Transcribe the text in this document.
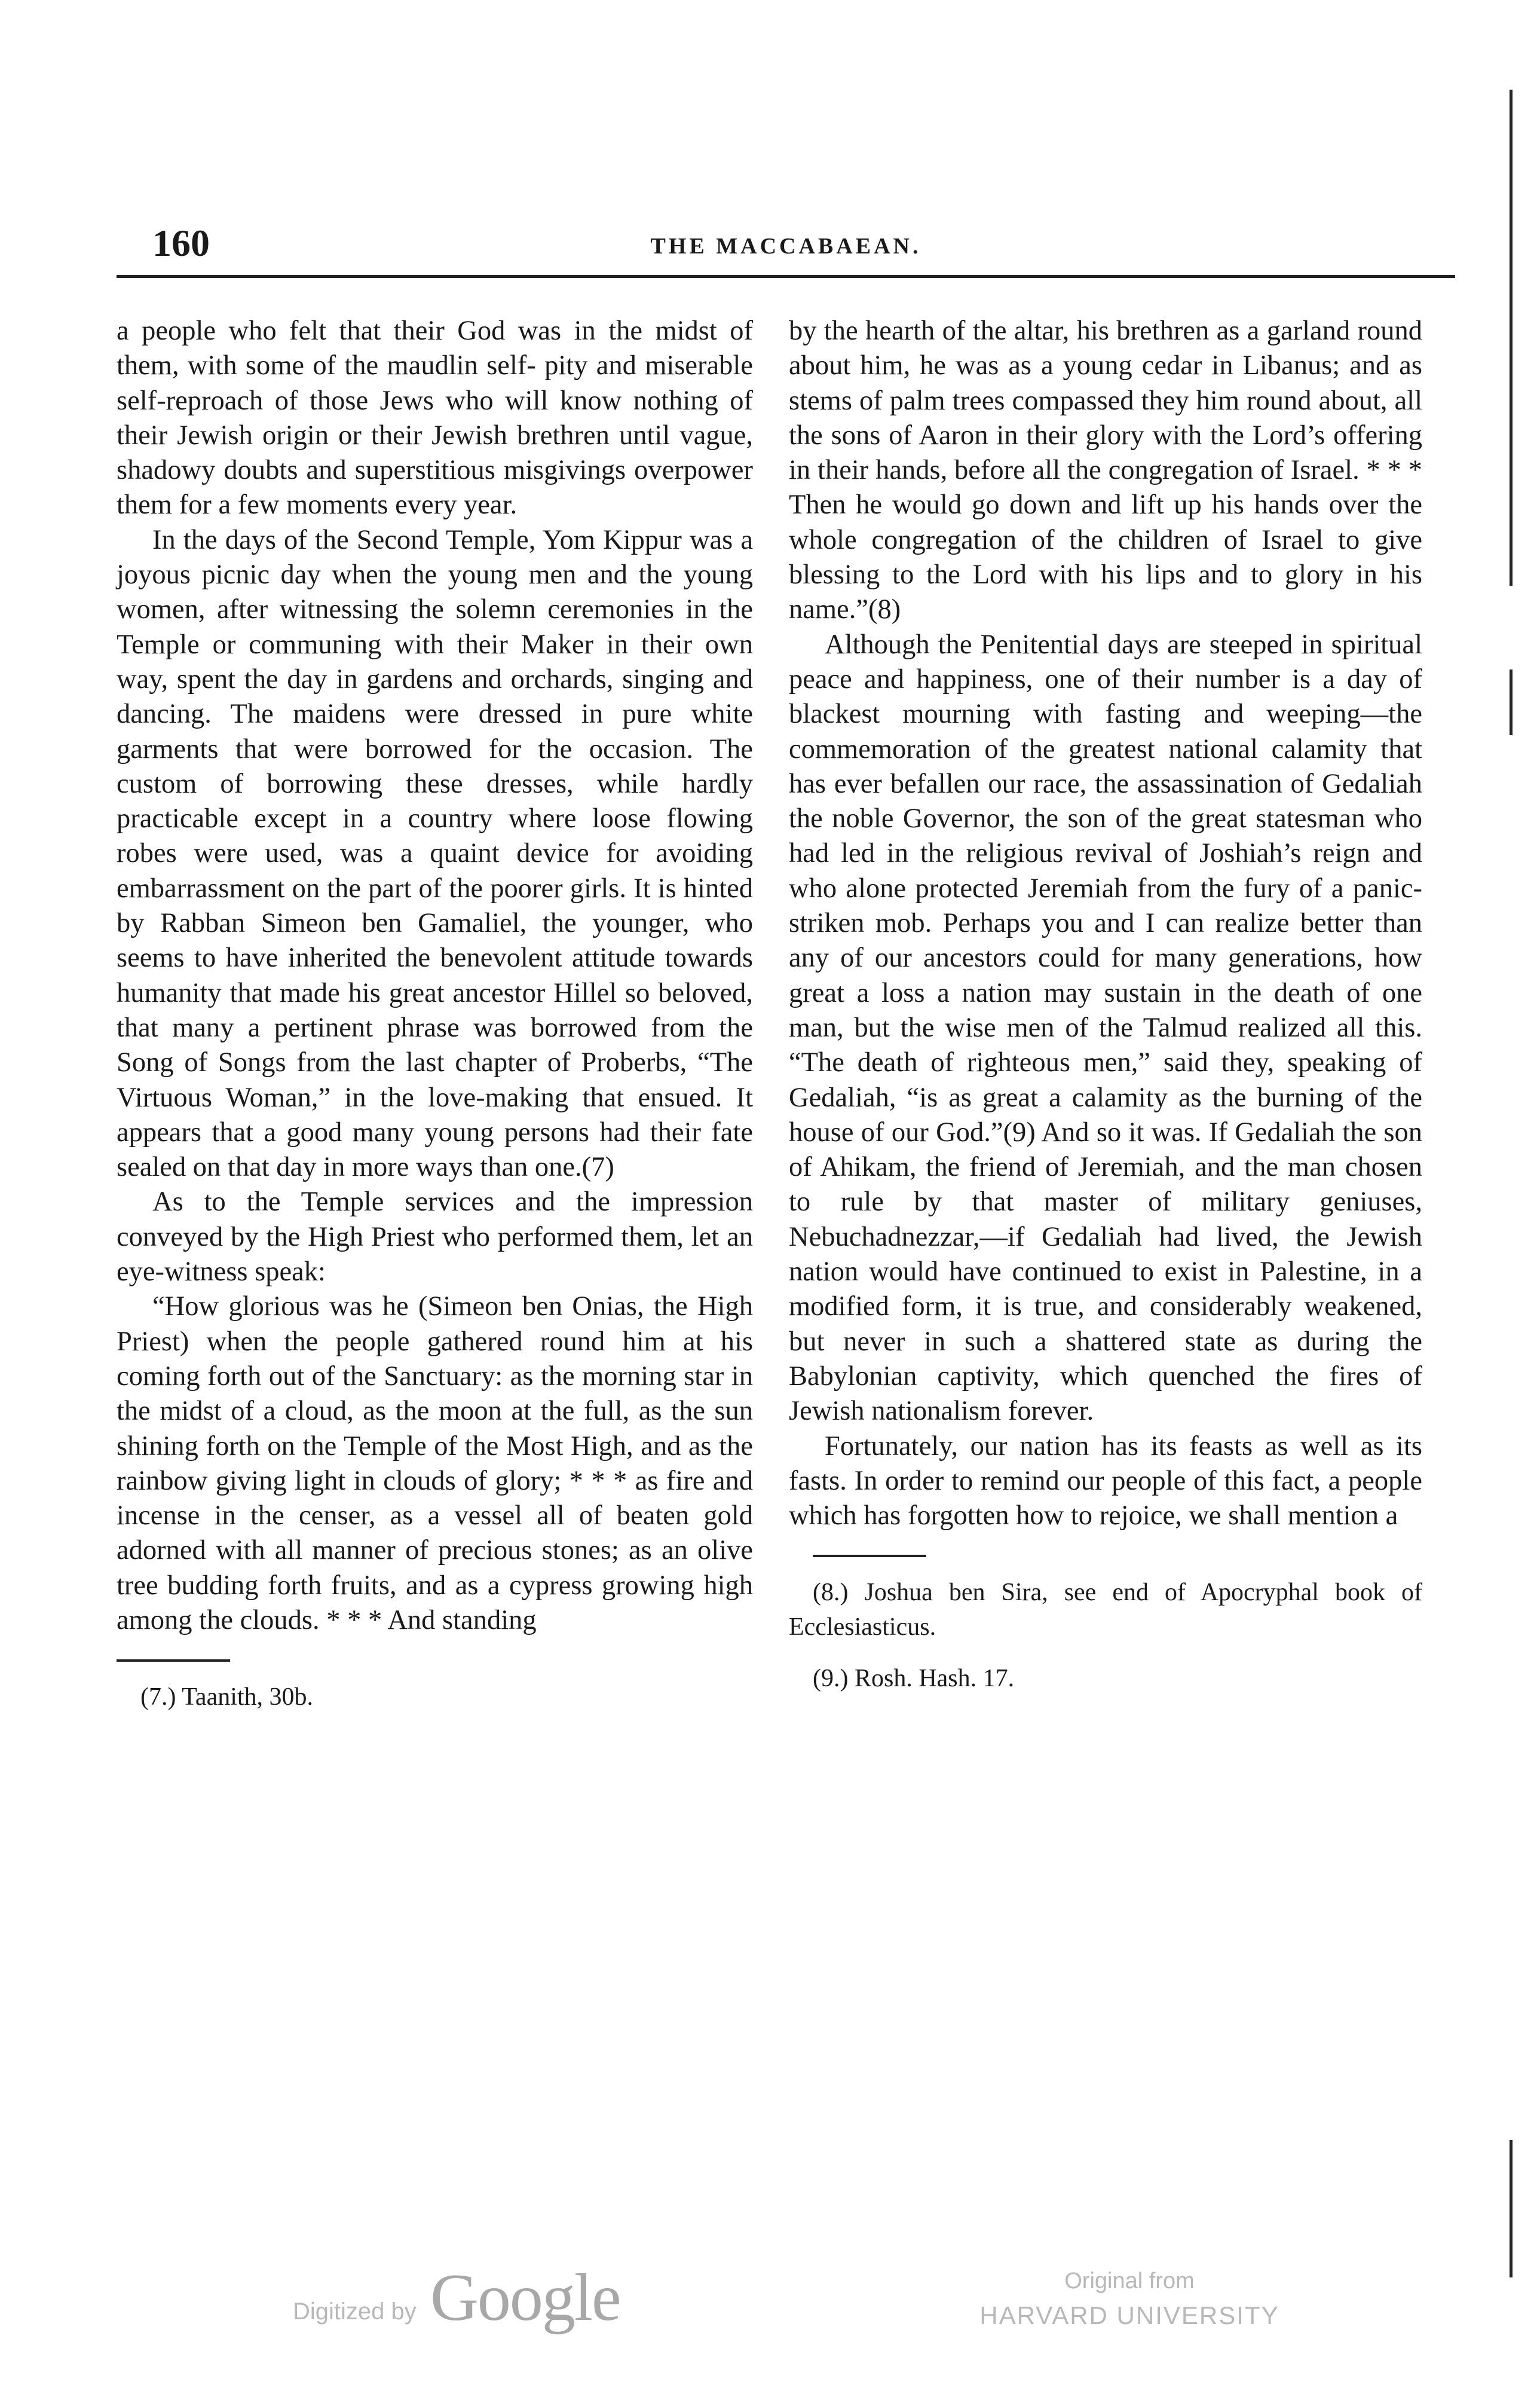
160	THE MACCABAEAN.

a people who felt that their God was in the midst of them, with some of the maudlin self- pity and miserable self-reproach of those Jews who will know nothing of their Jewish origin or their Jewish brethren until vague, shadowy doubts and superstitious misgivings overpower them for a few moments every year.

In the days of the Second Temple, Yom Kippur was a joyous picnic day when the young men and the young women, after witnessing the solemn ceremonies in the Temple or communing with their Maker in their own way, spent the day in gardens and orchards, singing and dancing. The maidens were dressed in pure white garments that were borrowed for the occasion. The custom of borrowing these dresses, while hardly practicable except in a country where loose flowing robes were used, was a quaint device for avoiding embarrassment on the part of the poorer girls. It is hinted by Rabban Simeon ben Gamaliel, the younger, who seems to have inherited the benevolent attitude towards humanity that made his great ancestor Hillel so beloved, that many a pertinent phrase was borrowed from the Song of Songs from the last chapter of Proberbs, “The Virtuous Woman,” in the love-making that ensued. It appears that a good many young persons had their fate sealed on that day in more ways than one.(7)

As to the Temple services and the impression conveyed by the High Priest who performed them, let an eye-witness speak:

“How glorious was he (Simeon ben Onias, the High Priest) when the people gathered round him at his coming forth out of the Sanctuary: as the morning star in the midst of a cloud, as the moon at the full, as the sun shining forth on the Temple of the Most High, and as the rainbow giving light in clouds of glory; * * * as fire and incense in the censer, as a vessel all of beaten gold adorned with all manner of precious stones; as an olive tree budding forth fruits, and as a cypress growing high among the clouds. * * * And standing

(7.) Taanith, 30b.

by the hearth of the altar, his brethren as a garland round about him, he was as a young cedar in Libanus; and as stems of palm trees compassed they him round about, all the sons of Aaron in their glory with the Lord’s offering in their hands, before all the congregation of Israel. * * * Then he would go down and lift up his hands over the whole congregation of the children of Israel to give blessing to the Lord with his lips and to glory in his name.”(8)

Although the Penitential days are steeped in spiritual peace and happiness, one of their number is a day of blackest mourning with fasting and weeping—the commemoration of the greatest national calamity that has ever befallen our race, the assassination of Gedaliah the noble Governor, the son of the great statesman who had led in the religious revival of Joshiah’s reign and who alone protected Jeremiah from the fury of a panic-striken mob. Perhaps you and I can realize better than any of our ancestors could for many generations, how great a loss a nation may sustain in the death of one man, but the wise men of the Talmud realized all this. “The death of righteous men,” said they, speaking of Gedaliah, “is as great a calamity as the burning of the house of our God.”(9) And so it was. If Gedaliah the son of Ahikam, the friend of Jeremiah, and the man chosen to rule by that master of military geniuses, Nebuchadnezzar,—if Gedaliah had lived, the Jewish nation would have continued to exist in Palestine, in a modified form, it is true, and considerably weakened, but never in such a shattered state as during the Babylonian captivity, which quenched the fires of Jewish nationalism forever.

Fortunately, our nation has its feasts as well as its fasts. In order to remind our people of this fact, a people which has forgotten how to rejoice, we shall mention a

(8.) Joshua ben Sira, see end of Apocryphal book of Ecclesiasticus.

(9.) Rosh. Hash. 17.

Digitized by Google	Original from
HARVARD UNIVERSITY
